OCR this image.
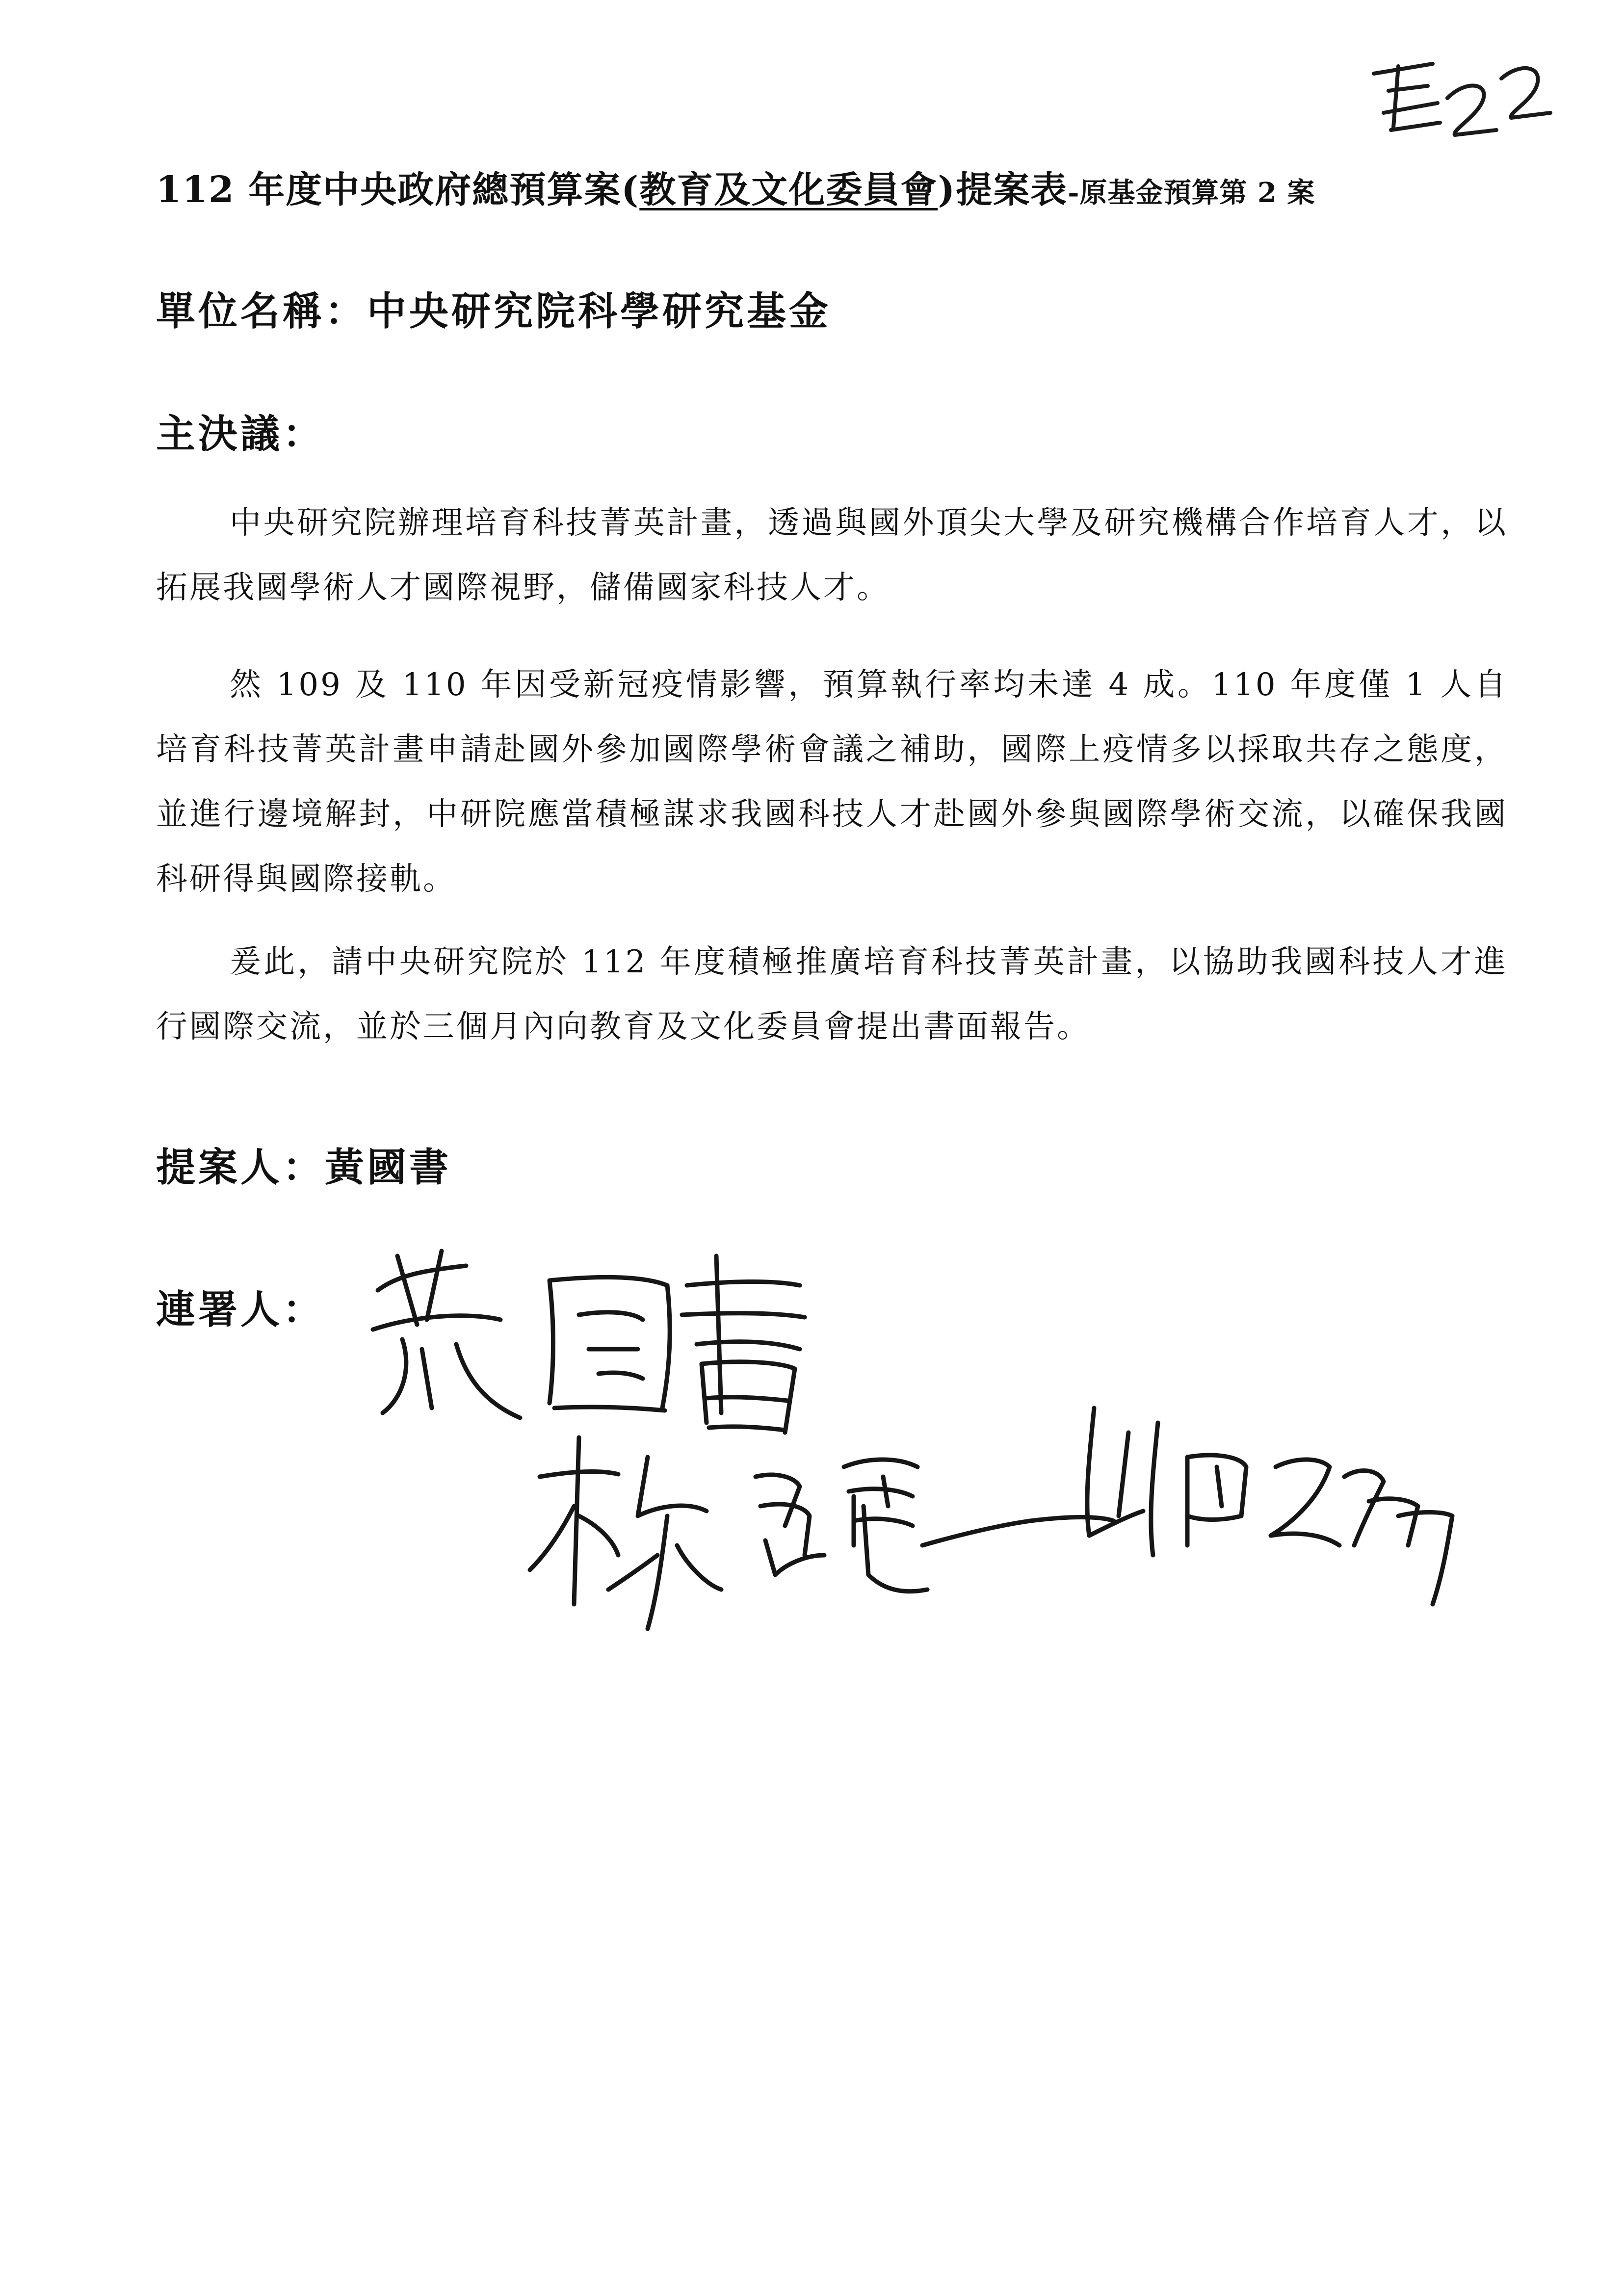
112 年度中央政府總預算案(教育及文化委員會)提案表-原基金預算第 2 案
單位名稱：中央研究院科學研究基金
主決議：

中央研究院辦理培育科技菁英計畫，透過與國外頂尖大學及研究機構合作培育人才，以拓展我國學術人才國際視野，儲備國家科技人才。

然 109 及 110 年因受新冠疫情影響，預算執行率均未達 4 成。110 年度僅 1 人自培育科技菁英計畫申請赴國外參加國際學術會議之補助，國際上疫情多以採取共存之態度，並進行邊境解封，中研院應當積極謀求我國科技人才赴國外參與國際學術交流，以確保我國科研得與國際接軌。

爰此，請中央研究院於 112 年度積極推廣培育科技菁英計畫，以協助我國科技人才進行國際交流，並於三個月內向教育及文化委員會提出書面報告。

提案人：黃國書
連署人：
